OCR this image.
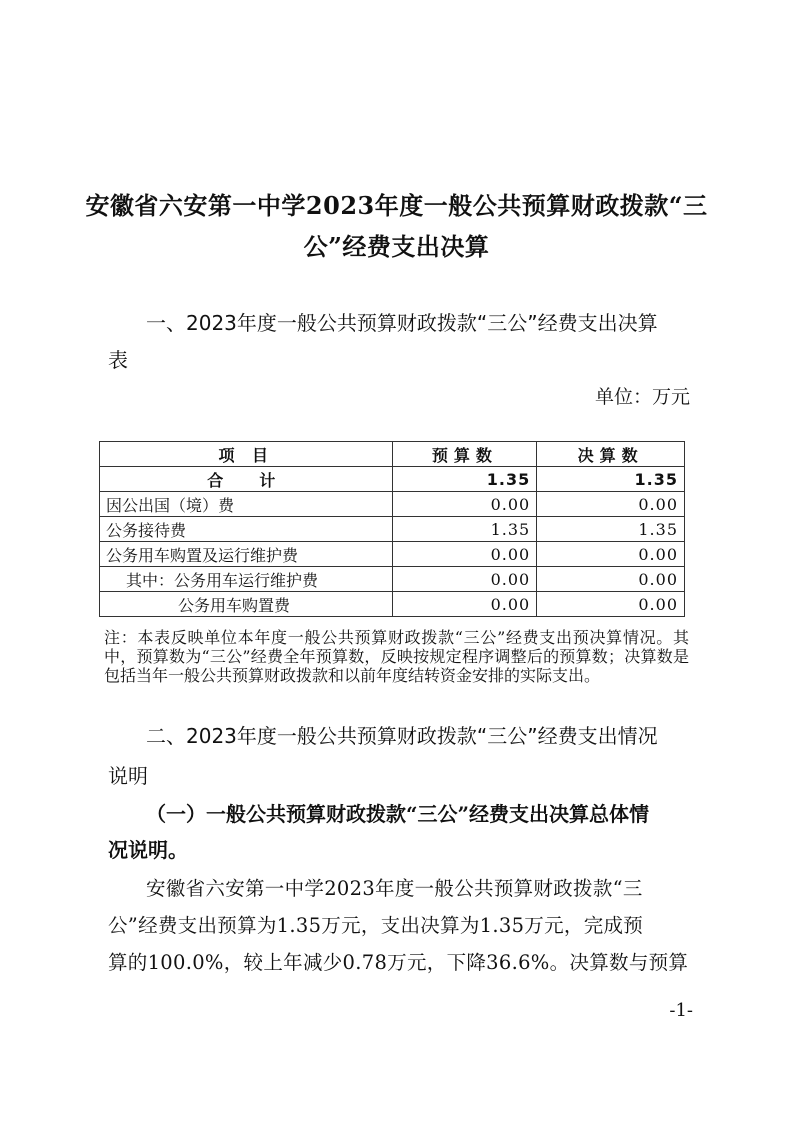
安徽省六安第一中学2023年度一般公共预算财政拨款“三
公”经费支出决算
一、2023年度一般公共预算财政拨款“三公”经费支出决算
表
单位：万元
项 目	预算数	决算数
合　计	1.35	1.35
因公出国（境）费	0.00	0.00
公务接待费	1.35	1.35
公务用车购置及运行维护费	0.00	0.00
其中：公务用车运行维护费	0.00	0.00
公务用车购置费	0.00	0.00
注：本表反映单位本年度一般公共预算财政拨款“三公”经费支出预决算情况。其中，预算数为“三公”经费全年预算数，反映按规定程序调整后的预算数；决算数是包括当年一般公共预算财政拨款和以前年度结转资金安排的实际支出。
二、2023年度一般公共预算财政拨款“三公”经费支出情况
说明
（一）一般公共预算财政拨款“三公”经费支出决算总体情
况说明。
安徽省六安第一中学2023年度一般公共预算财政拨款“三
公”经费支出预算为1.35万元，支出决算为1.35万元，完成预
算的100.0%，较上年减少0.78万元，下降36.6%。决算数与预算
-1-
